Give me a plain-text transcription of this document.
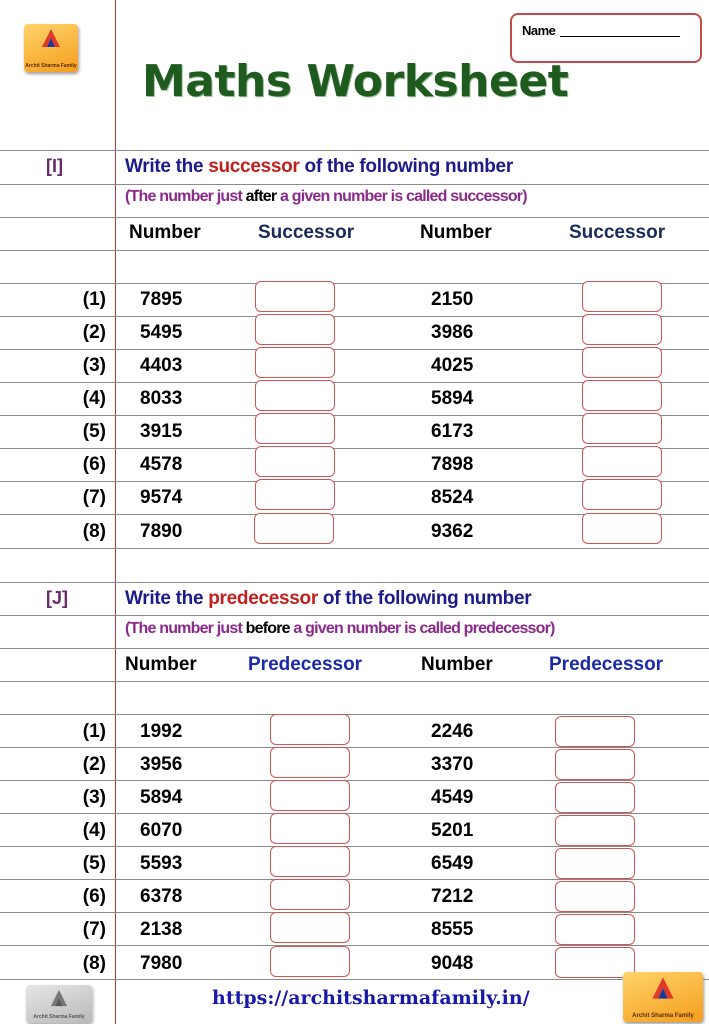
Archit Sharma Family Maths Worksheet
Name
[I]	Write the successor of the following number
(The number just after a given number is called successor)
Number	Successor	Number	Successor
(1) 7895	2150
(2) 5495	3986
(3) 4403	4025
(4) 8033	5894
(5) 3915	6173
(6) 4578	7898
(7) 9574	8524
(8) 7890	9362
[J]	Write the predecessor of the following number
(The number just before a given number is called predecessor)
Number	Predecessor	Number	Predecessor
(1) 1992	2246
(2) 3956	3370
(3) 5894	4549
(4) 6070	5201
(5) 5593	6549
(6) 6378	7212
(7) 2138	8555
(8) 7980	9048
Archit Sharma Family
https://architsharmafamily.in/
Archit Sharma Family
